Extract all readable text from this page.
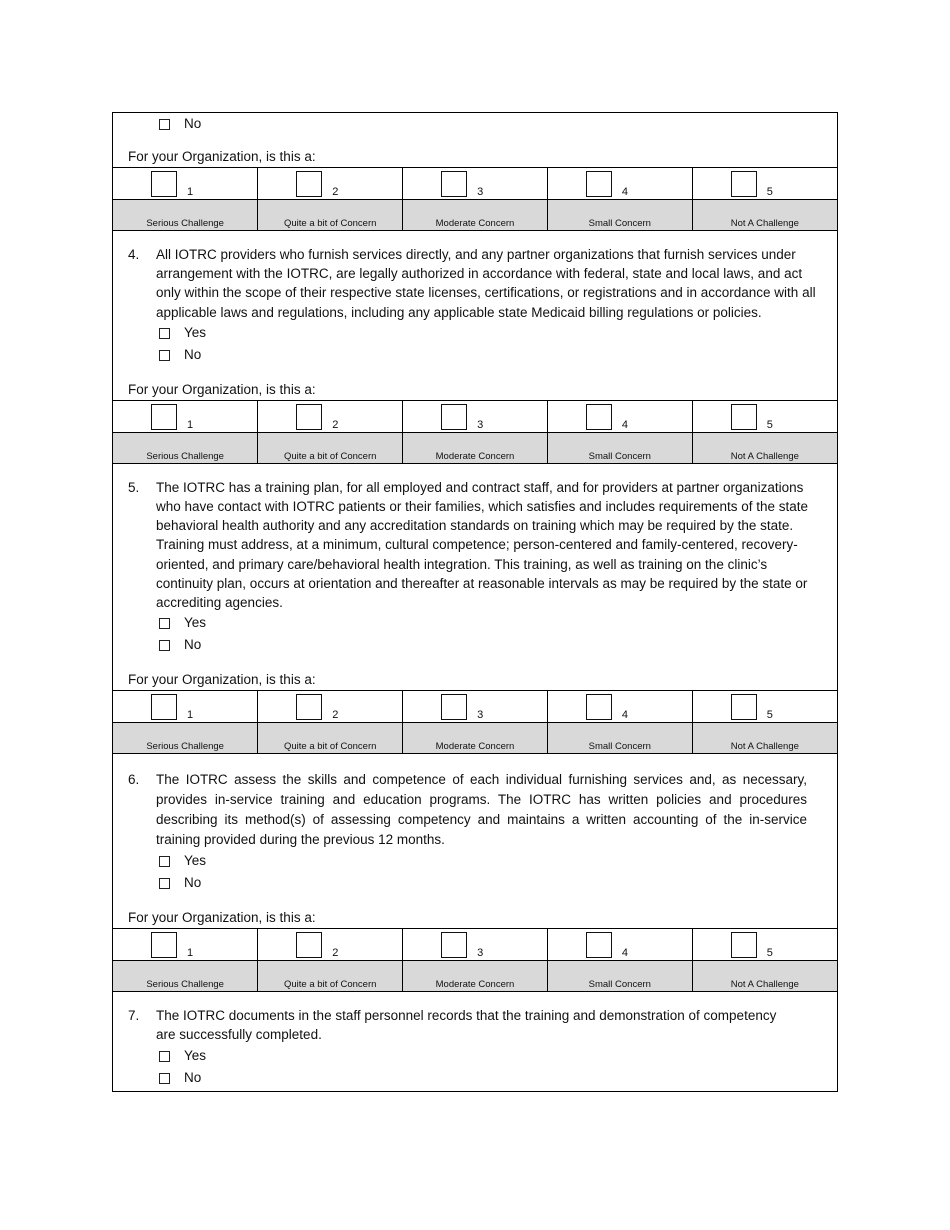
No
For your Organization, is this a:
1	2	3	4	5

Serious Challenge	Quite a bit of Concern	Moderate Concern	Small Concern	Not A Challenge
4. All IOTRC providers who furnish services directly, and any partner organizations that furnish services under arrangement with the IOTRC, are legally authorized in accordance with federal, state and local laws, and act only within the scope of their respective state licenses, certifications, or registrations and in accordance with all applicable laws and regulations, including any applicable state Medicaid billing regulations or policies.
Yes
No
For your Organization, is this a:
1	2	3	4	5

Serious Challenge	Quite a bit of Concern	Moderate Concern	Small Concern	Not A Challenge
5. The IOTRC has a training plan, for all employed and contract staff, and for providers at partner organizations who have contact with IOTRC patients or their families, which satisfies and includes requirements of the state behavioral health authority and any accreditation standards on training which may be required by the state. Training must address, at a minimum, cultural competence; person-centered and family-centered, recovery-oriented, and primary care/behavioral health integration. This training, as well as training on the clinic’s continuity plan, occurs at orientation and thereafter at reasonable intervals as may be required by the state or accrediting agencies.
Yes
No
For your Organization, is this a:
1	2	3	4	5

Serious Challenge	Quite a bit of Concern	Moderate Concern	Small Concern	Not A Challenge
6. The IOTRC assess the skills and competence of each individual furnishing services and, as necessary, provides in-service training and education programs. The IOTRC has written policies and procedures describing its method(s) of assessing competency and maintains a written accounting of the in-service training provided during the previous 12 months.
Yes
No
For your Organization, is this a:
1	2	3	4	5

Serious Challenge	Quite a bit of Concern	Moderate Concern	Small Concern	Not A Challenge
7. The IOTRC documents in the staff personnel records that the training and demonstration of competency are successfully completed.
Yes
No
